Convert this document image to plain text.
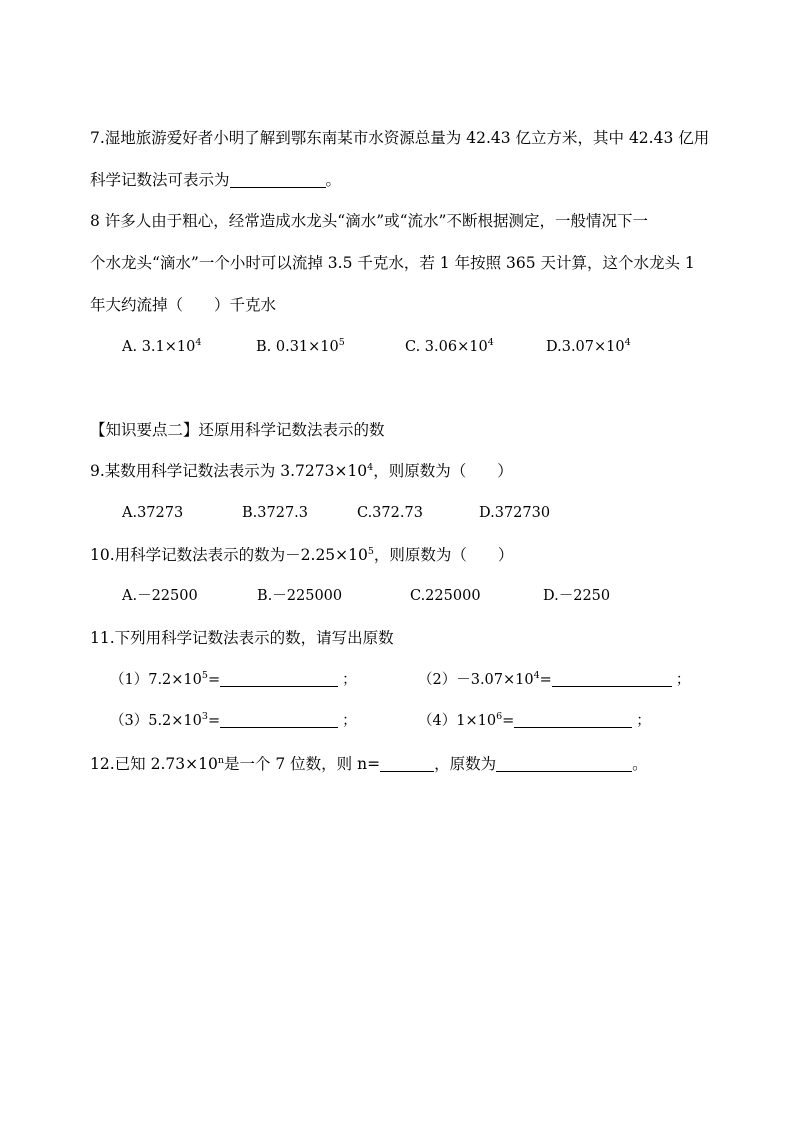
7.湿地旅游爱好者小明了解到鄂东南某市水资源总量为 42.43 亿立方米，其中 42.43 亿用
科学记数法可表示为	。
8 许多人由于粗心，经常造成水龙头“滴水”或“流水”不断根据测定，一般情况下一
个水龙头“滴水”一个小时可以流掉 3.5 千克水，若 1 年按照 365 天计算，这个水龙头 1
年大约流掉（　　）千克水
A. $3.1\times 10^4$	B. $0.31\times 10^5$	C. $3.06\times 10^4$	$D.3.07\times 10^4$
【知识要点二】还原用科学记数法表示的数
9.某数用科学记数法表示为 $3.7273\times 10^4$，则原数为（　　）
A.37273	B.3727.3	C.372.73	D.372730
10.用科学记数法表示的数为$-2.25\times 10^5$，则原数为（　　）
A.－22500	B.－225000	C.225000	D.－2250
11.下列用科学记数法表示的数，请写出原数
$(1)7.2\times 10^5=$	；	$(2)-3.07\times 10^4=$	；
$(3)5.2\times 10^3=$	；	$(4)1\times 10^6=$	；
12.已知 $2.73\times 10^n$是一个 7 位数，则 n=	，原数为	。
